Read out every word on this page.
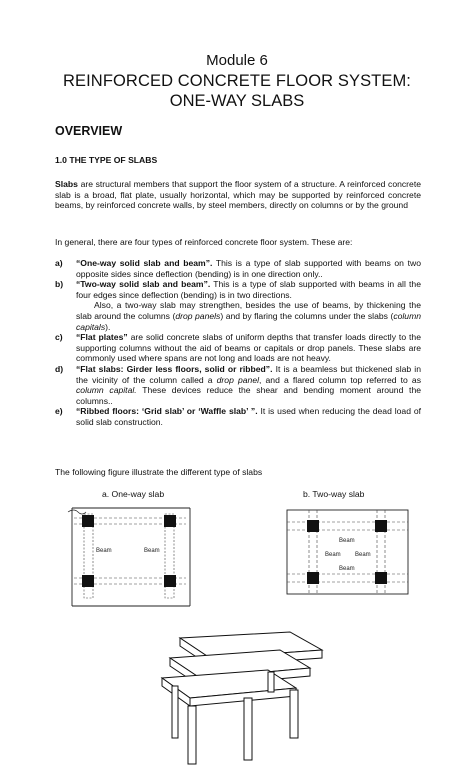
Module 6
REINFORCED CONCRETE FLOOR SYSTEM:
ONE-WAY SLABS
OVERVIEW
1.0 THE TYPE OF SLABS
Slabs are structural members that support the floor system of a structure. A reinforced concrete slab is a broad, flat plate, usually horizontal, which may be supported by reinforced concrete beams, by reinforced concrete walls, by steel members, directly on columns or by the ground
In general, there are four types of reinforced concrete floor system. These are:
a)	“One-way solid slab and beam”. This is a type of slab supported with beams on two opposite sides since deflection (bending) is in one direction only..
b)	“Two-way solid slab and beam”. This is a type of slab supported with beams in all the four edges since deflection (bending) is in two directions.
Also, a two-way slab may strengthen, besides the use of beams, by thickening the slab around the columns (drop panels) and by flaring the columns under the slabs (column capitals).
c)	“Flat plates” are solid concrete slabs of uniform depths that transfer loads directly to the supporting columns without the aid of beams or capitals or drop panels. These slabs are commonly used where spans are not long and loads are not heavy.
d)	“Flat slabs: Girder less floors, solid or ribbed”. It is a beamless but thickened slab in the vicinity of the column called a drop panel, and a flared column top referred to as column capital. These devices reduce the shear and bending moment around the columns..
e)	“Ribbed floors: ‘Grid slab’ or ‘Waffle slab’ ”. It is used when reducing the dead load of solid slab construction.
The following figure illustrate the different type of slabs
a. One-way slab	b. Two-way slab
Beam	Beam
Beam
Beam Beam
Beam
